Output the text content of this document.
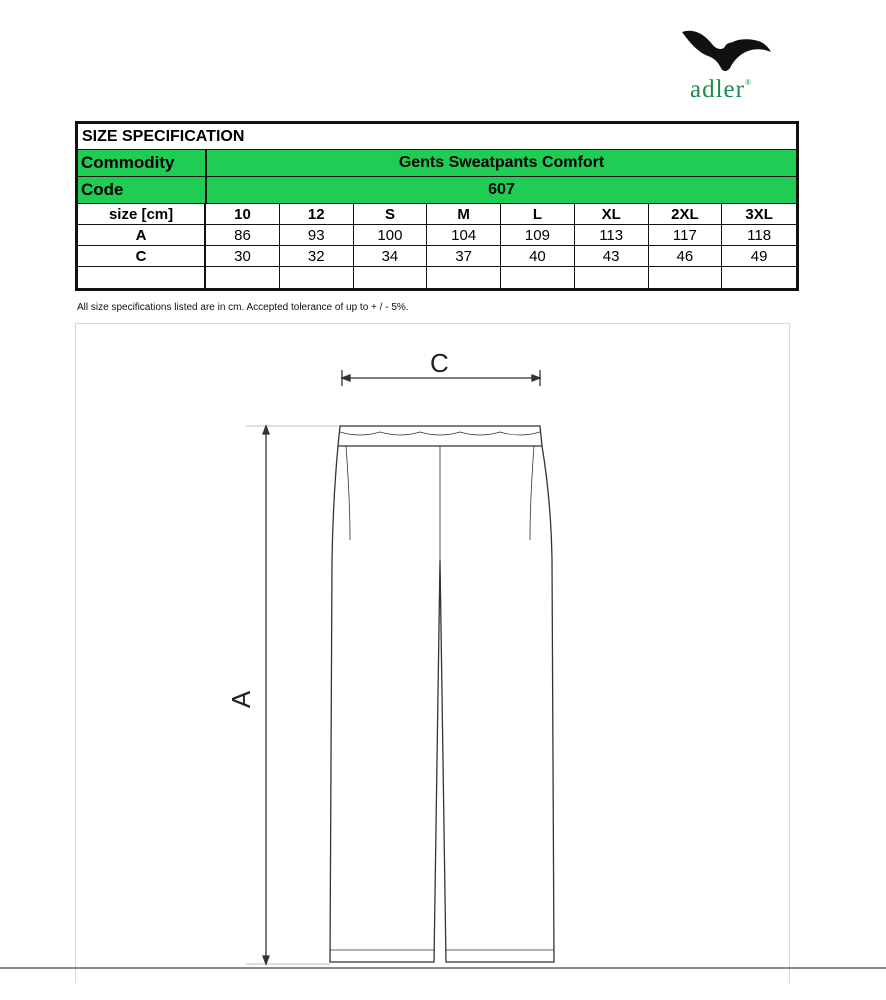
adler®
SIZE SPECIFICATION
Commodity	Gents Sweatpants Comfort
Code	607
size [cm]	10	12	S	M	L	XL	2XL	3XL
A	86	93	100	104	109	113	117	118
C	30	32	34	37	40	43	46	49
All size specifications listed are in cm. Accepted tolerance of up to + / - 5%.
C
A
